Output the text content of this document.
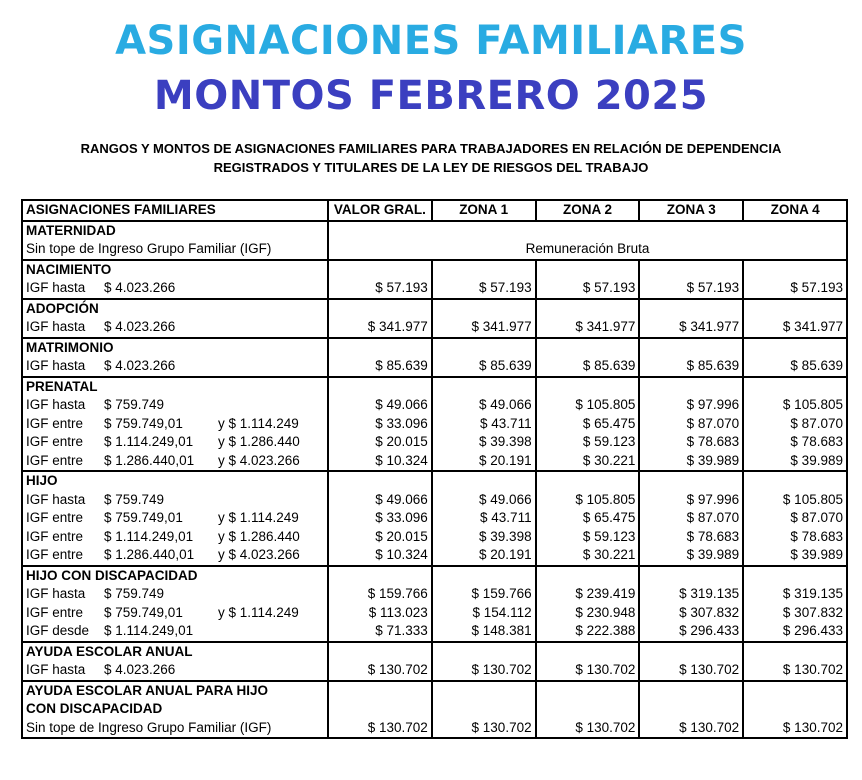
ASIGNACIONES FAMILIARES
MONTOS FEBRERO 2025
RANGOS Y MONTOS DE ASIGNACIONES FAMILIARES PARA TRABAJADORES EN RELACIÓN DE DEPENDENCIA
REGISTRADOS Y TITULARES DE LA LEY DE RIESGOS DEL TRABAJO
ASIGNACIONES FAMILIARES	VALOR GRAL.	ZONA 1	ZONA 2	ZONA 3	ZONA 4
MATERNIDAD					
Sin tope de Ingreso Grupo Familiar (IGF)	Remuneración Bruta				
NACIMIENTO					

IGF hasta $ 4.023.266	$ 57.193	$ 57.193	$ 57.193	$ 57.193	$ 57.193
ADOPCIÓN					

IGF hasta $ 4.023.266	$ 341.977	$ 341.977	$ 341.977	$ 341.977	$ 341.977
MATRIMONIO					

IGF hasta $ 4.023.266	$ 85.639	$ 85.639	$ 85.639	$ 85.639	$ 85.639
PRENATAL					

IGF hasta $ 759.749	$ 49.066	$ 49.066	$ 105.805	$ 97.996	$ 105.805

IGF entre $ 759.749,01 y $ 1.114.249	$ 33.096	$ 43.711	$ 65.475	$ 87.070	$ 87.070

IGF entre $ 1.114.249,01 y $ 1.286.440	$ 20.015	$ 39.398	$ 59.123	$ 78.683	$ 78.683

IGF entre $ 1.286.440,01 y $ 4.023.266	$ 10.324	$ 20.191	$ 30.221	$ 39.989	$ 39.989
HIJO					

IGF hasta $ 759.749	$ 49.066	$ 49.066	$ 105.805	$ 97.996	$ 105.805

IGF entre $ 759.749,01 y $ 1.114.249	$ 33.096	$ 43.711	$ 65.475	$ 87.070	$ 87.070

IGF entre $ 1.114.249,01 y $ 1.286.440	$ 20.015	$ 39.398	$ 59.123	$ 78.683	$ 78.683

IGF entre $ 1.286.440,01 y $ 4.023.266	$ 10.324	$ 20.191	$ 30.221	$ 39.989	$ 39.989
HIJO CON DISCAPACIDAD					

IGF hasta $ 759.749	$ 159.766	$ 159.766	$ 239.419	$ 319.135	$ 319.135

IGF entre $ 759.749,01 y $ 1.114.249	$ 113.023	$ 154.112	$ 230.948	$ 307.832	$ 307.832

IGF desde $ 1.114.249,01	$ 71.333	$ 148.381	$ 222.388	$ 296.433	$ 296.433
AYUDA ESCOLAR ANUAL					

IGF hasta $ 4.023.266	$ 130.702	$ 130.702	$ 130.702	$ 130.702	$ 130.702
AYUDA ESCOLAR ANUAL PARA HIJO					
CON DISCAPACIDAD					
Sin tope de Ingreso Grupo Familiar (IGF)	$ 130.702	$ 130.702	$ 130.702	$ 130.702	$ 130.702
